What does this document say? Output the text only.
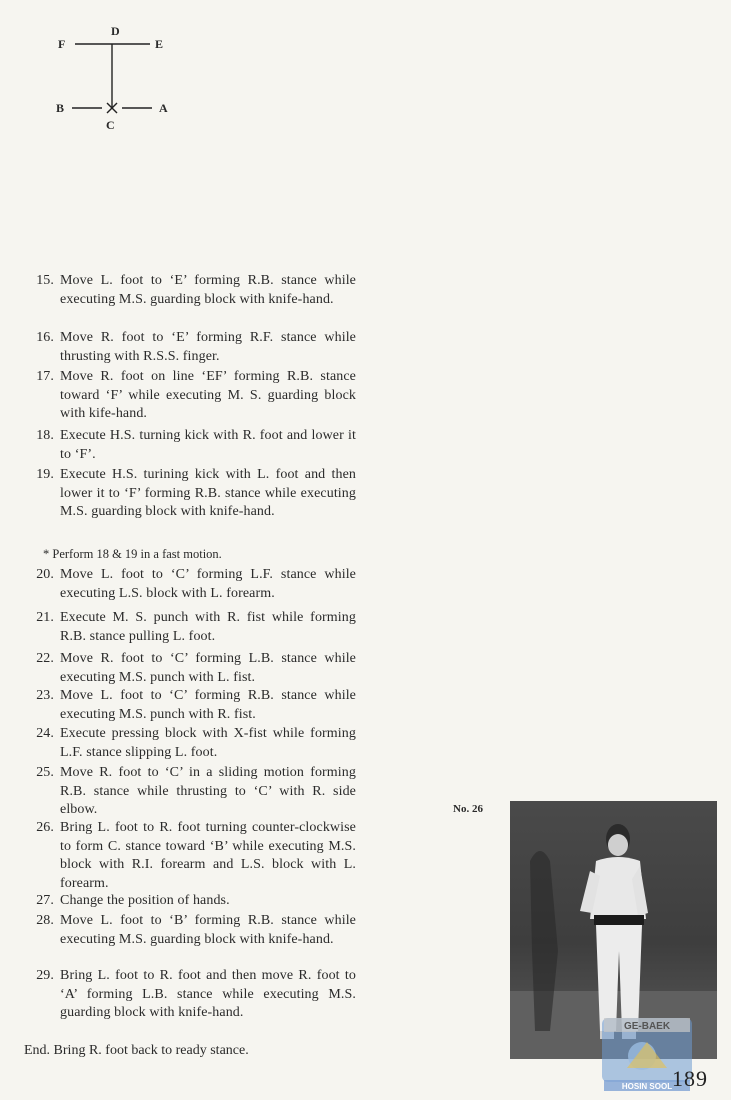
D
F	E
B	A
C
15. Move L. foot to ‘E’ forming R.B. stance while executing M.S. guarding block with knife-hand.
16. Move R. foot to ‘E’ forming R.F. stance while thrusting with R.S.S. finger.
17. Move R. foot on line ‘EF’ forming R.B. stance toward ‘F’ while executing M. S. guarding block with kife-hand.
18. Execute H.S. turning kick with R. foot and lower it to ‘F’.
19. Execute H.S. turining kick with L. foot and then lower it to ‘F’ forming R.B. stance while executing M.S. guarding block with knife-hand.
* Perform 18 & 19 in a fast motion.
20. Move L. foot to ‘C’ forming L.F. stance while executing L.S. block with L. forearm.
21. Execute M. S. punch with R. fist while forming R.B. stance pulling L. foot.
22. Move R. foot to ‘C’ forming L.B. stance while executing M.S. punch with L. fist.
23. Move L. foot to ‘C’ forming R.B. stance while executing M.S. punch with R. fist.
24. Execute pressing block with X-fist while forming L.F. stance slipping L. foot.
25. Move R. foot to ‘C’ in a sliding motion forming R.B. stance while thrusting to ‘C’ with R. side elbow.
26. Bring L. foot to R. foot turning counter-clockwise to form C. stance toward ‘B’ while executing M.S. block with R.I. forearm and L.S. block with L. forearm.
27. Change the position of hands.
28. Move L. foot to ‘B’ forming R.B. stance while executing M.S. guarding block with knife-hand.
29. Bring L. foot to R. foot and then move R. foot to ‘A’ forming L.B. stance while executing M.S. guarding block with knife-hand.
End. Bring R. foot back to ready stance.
No. 26
GE-BAEK
HOSIN SOOL 189
